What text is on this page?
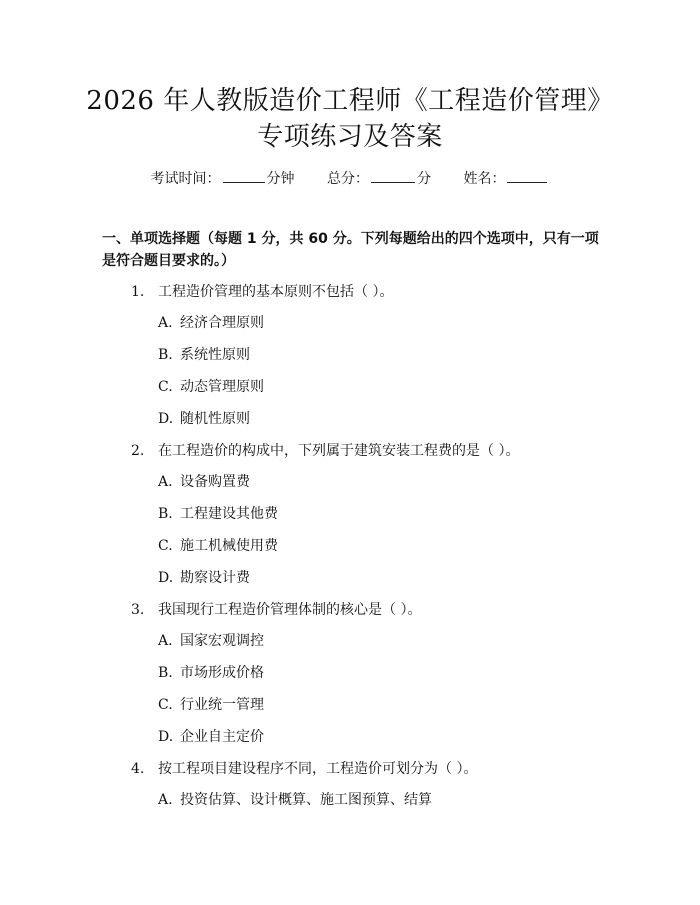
2026 年人教版造价工程师《工程造价管理》
专项练习及答案
考试时间：	分钟 总分：	分 姓名：
一、单项选择题（每题 1 分，共 60 分。下列每题给出的四个选项中，只有一项是符合题目要求的。）
1. 工程造价管理的基本原则不包括（ ）。
A. 经济合理原则
B. 系统性原则
C. 动态管理原则
D. 随机性原则
2. 在工程造价的构成中，下列属于建筑安装工程费的是（ ）。
A. 设备购置费
B. 工程建设其他费
C. 施工机械使用费
D. 勘察设计费
3. 我国现行工程造价管理体制的核心是（ ）。
A. 国家宏观调控
B. 市场形成价格
C. 行业统一管理
D. 企业自主定价
4. 按工程项目建设程序不同，工程造价可划分为（ ）。
A. 投资估算、设计概算、施工图预算、结算
